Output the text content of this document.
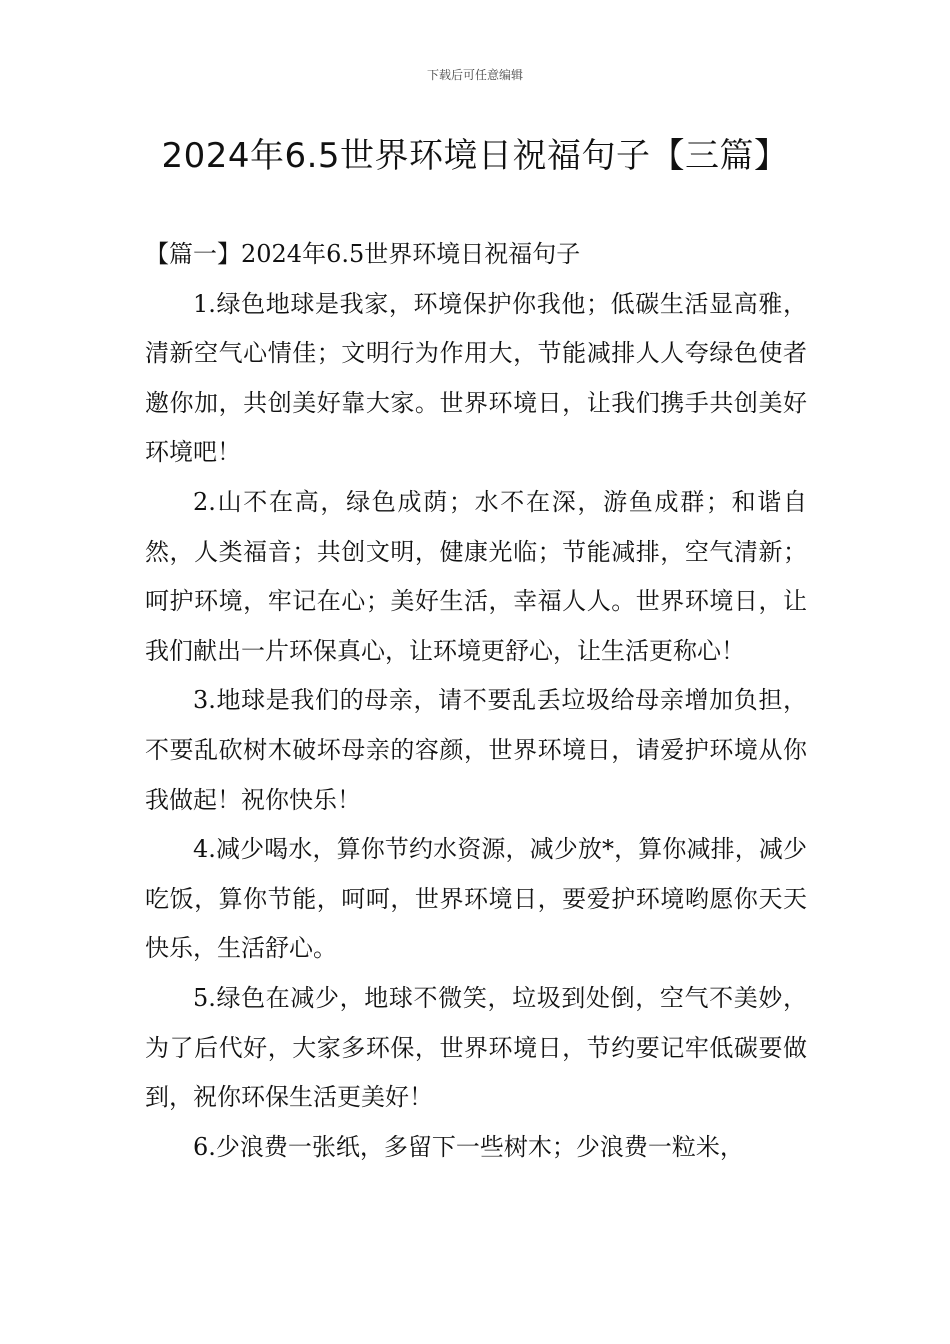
下载后可任意编辑
2024年6.5世界环境日祝福句子【三篇】

【篇一】2024年6.5世界环境日祝福句子

1.绿色地球是我家，环境保护你我他；低碳生活显高雅，清新空气心情佳；文明行为作用大，节能减排人人夸绿色使者邀你加，共创美好靠大家。世界环境日，让我们携手共创美好环境吧！

2.山不在高，绿色成荫；水不在深，游鱼成群；和谐自然，人类福音；共创文明，健康光临；节能减排，空气清新；呵护环境，牢记在心；美好生活，幸福人人。世界环境日，让我们献出一片环保真心，让环境更舒心，让生活更称心！

3.地球是我们的母亲，请不要乱丢垃圾给母亲增加负担，不要乱砍树木破坏母亲的容颜，世界环境日，请爱护环境从你我做起！祝你快乐！

4.减少喝水，算你节约水资源，减少放*，算你减排，减少吃饭，算你节能，呵呵，世界环境日，要爱护环境哟愿你天天快乐，生活舒心。

5.绿色在减少，地球不微笑，垃圾到处倒，空气不美妙，为了后代好，大家多环保，世界环境日，节约要记牢低碳要做到，祝你环保生活更美好！

6.少浪费一张纸，多留下一些树木；少浪费一粒米，
